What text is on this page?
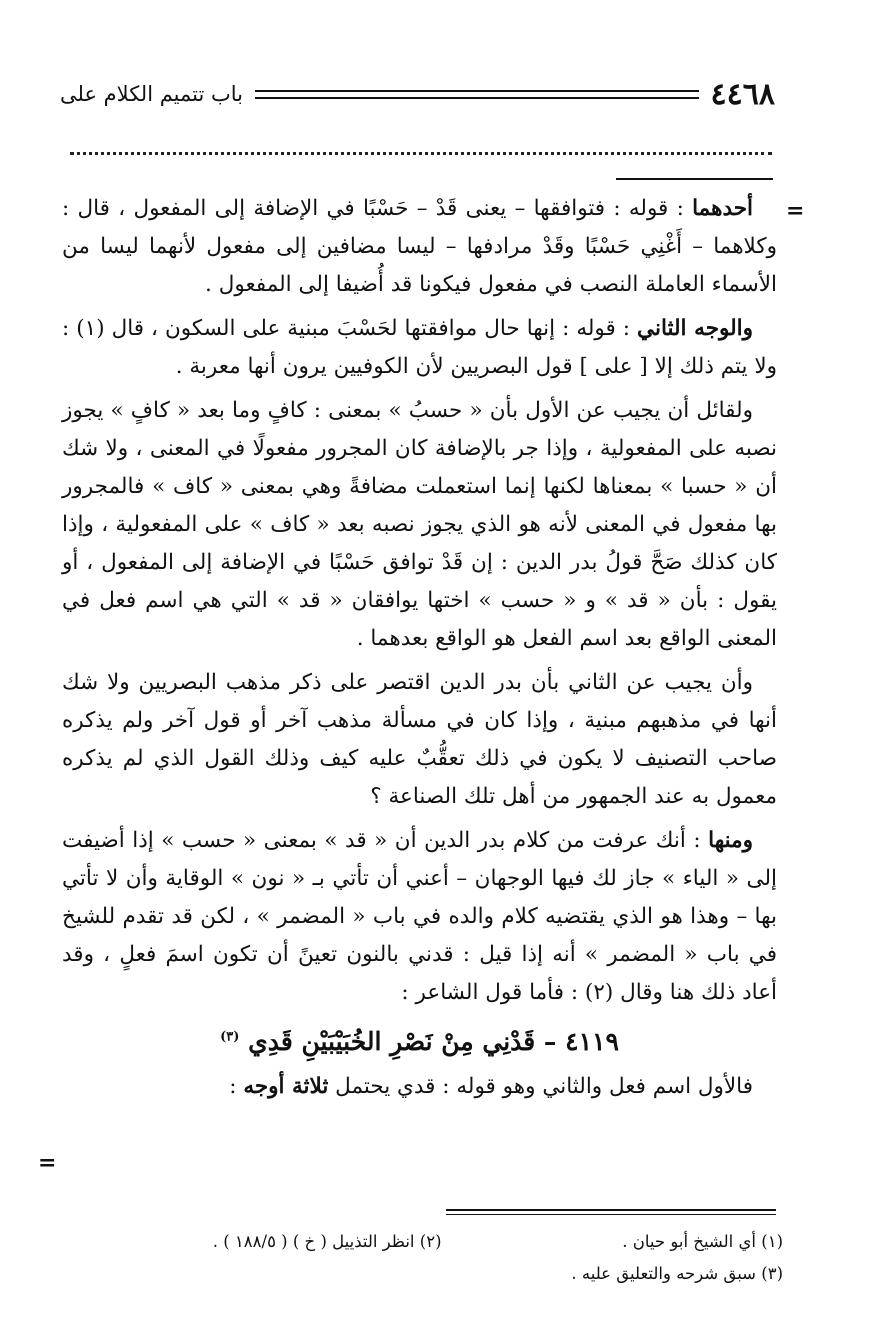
٤٤٦٨
باب تتميم الكلام على
=
=

أحدهما : قوله : فتوافقها – يعنى قَدْ – حَسْبًا في الإضافة إلى المفعول ، قال : وكلاهما – أَغْنِي حَسْبًا وقَدْ مرادفها – ليسا مضافين إلى مفعول لأنهما ليسا من الأسماء العاملة النصب في مفعول فيكونا قد أُضيفا إلى المفعول .

والوجه الثاني : قوله : إنها حال موافقتها لحَسْبَ مبنية على السكون ، قال (١) : ولا يتم ذلك إلا [ على ] قول البصريين لأن الكوفيين يرون أنها معربة .

ولقائل أن يجيب عن الأول بأن « حسبُ » بمعنى : كافٍ وما بعد « كافٍ » يجوز نصبه على المفعولية ، وإذا جر بالإضافة كان المجرور مفعولًا في المعنى ، ولا شك أن « حسبا » بمعناها لكنها إنما استعملت مضافةً وهي بمعنى « كاف » فالمجرور بها مفعول في المعنى لأنه هو الذي يجوز نصبه بعد « كاف » على المفعولية ، وإذا كان كذلك صَحَّ قولُ بدر الدين : إن قَدْ توافق حَسْبًا في الإضافة إلى المفعول ، أو يقول : بأن « قد » و « حسب » اختها يوافقان « قد » التي هي اسم فعل في المعنى الواقع بعد اسم الفعل هو الواقع بعدهما .

وأن يجيب عن الثاني بأن بدر الدين اقتصر على ذكر مذهب البصريين ولا شك أنها في مذهبهم مبنية ، وإذا كان في مسألة مذهب آخر أو قول آخر ولم يذكره صاحب التصنيف لا يكون في ذلك تعقُّبٌ عليه كيف وذلك القول الذي لم يذكره معمول به عند الجمهور من أهل تلك الصناعة ؟

ومنها : أنك عرفت من كلام بدر الدين أن « قد » بمعنى « حسب » إذا أضيفت إلى « الياء » جاز لك فيها الوجهان – أعني أن تأتي بـ « نون » الوقاية وأن لا تأتي بها – وهذا هو الذي يقتضيه كلام والده في باب « المضمر » ، لكن قد تقدم للشيخ في باب « المضمر » أنه إذا قيل : قدني بالنون تعينً أن تكون اسمَ فعلٍ ، وقد أعاد ذلك هنا وقال (٢) : فأما قول الشاعر :

٤١١٩ – قَدْنِي مِنْ نَصْرِ الخُبَيْبَيْنِ قَدِي $^{(٣)}$

فالأول اسم فعل والثاني وهو قوله : قدي يحتمل ثلاثة أوجه :

(١) أي الشيخ أبو حيان .
(٢) انظر التذييل ( خ ) ( ١٨٨/٥ ) .
(٣) سبق شرحه والتعليق عليه .
